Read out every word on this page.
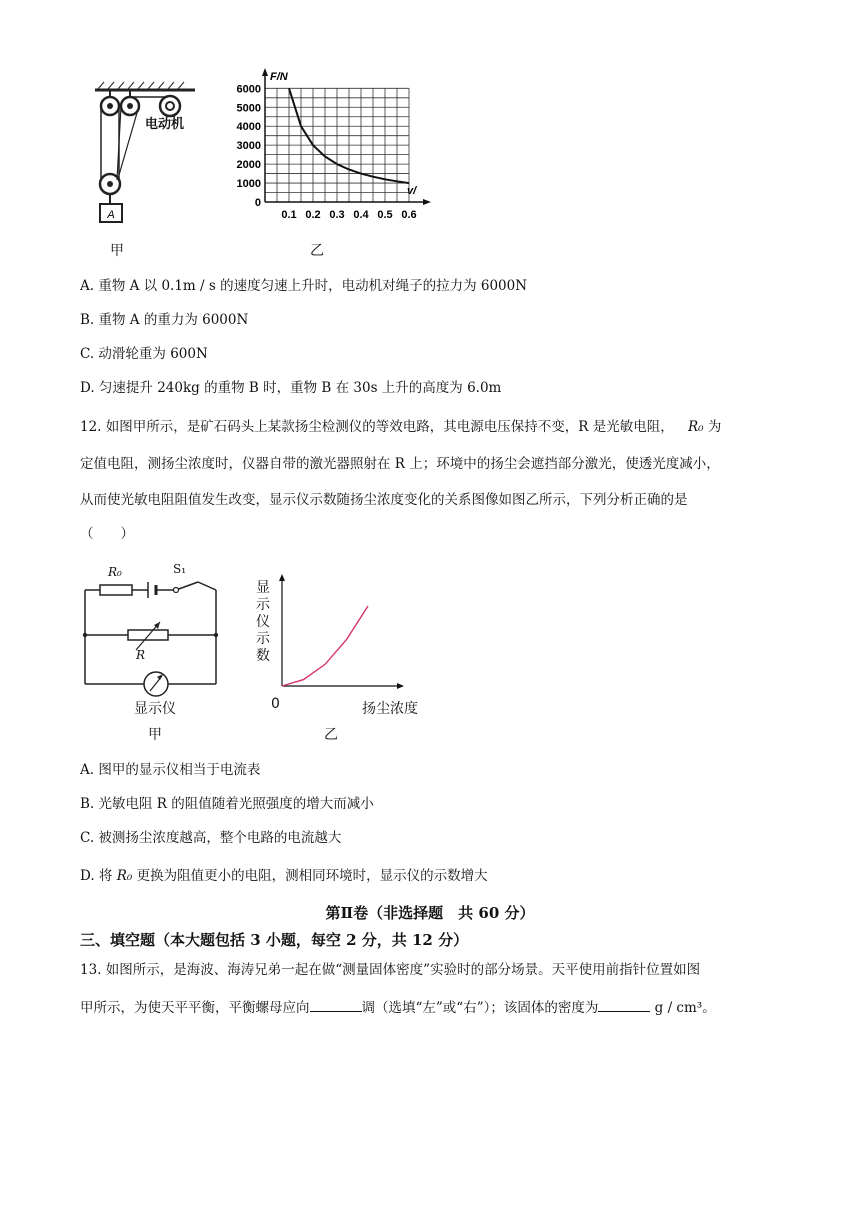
A
电动机
甲
F/N
v/
0
1000
2000
3000
4000
5000
6000
0.1 0.2 0.3 0.4 0.5 0.6
乙
A. 重物 A 以 0.1m / s 的速度匀速上升时，电动机对绳子的拉力为 6000N
B. 重物 A 的重力为 6000N
C. 动滑轮重为 600N
D. 匀速提升 240kg 的重物 B 时，重物 B 在 30s 上升的高度为 6.0m
12. 如图甲所示，是矿石码头上某款扬尘检测仪的等效电路，其电源电压保持不变，R 是光敏电阻， R₀ 为
定值电阻，测扬尘浓度时，仪器自带的激光器照射在 R 上；环境中的扬尘会遮挡部分激光，使透光度减小，
从而使光敏电阻阻值发生改变，显示仪示数随扬尘浓度变化的关系图像如图乙所示，下列分析正确的是
（　　）
R₀	S₁
R
显示仪
甲
显示仪示数
0	扬尘浓度
乙
A. 图甲的显示仪相当于电流表
B. 光敏电阻 R 的阻值随着光照强度的增大而减小
C. 被测扬尘浓度越高，整个电路的电流越大
D. 将 R₀ 更换为阻值更小的电阻，测相同环境时，显示仪的示数增大
第Ⅱ卷（非选择题　共 60 分）
三、填空题（本大题包括 3 小题，每空 2 分，共 12 分）
13. 如图所示，是海波、海涛兄弟一起在做“测量固体密度”实验时的部分场景。天平使用前指针位置如图
甲所示，为使天平平衡，平衡螺母应向	调（选填“左”或“右”）；该固体的密度为	g / cm³。
